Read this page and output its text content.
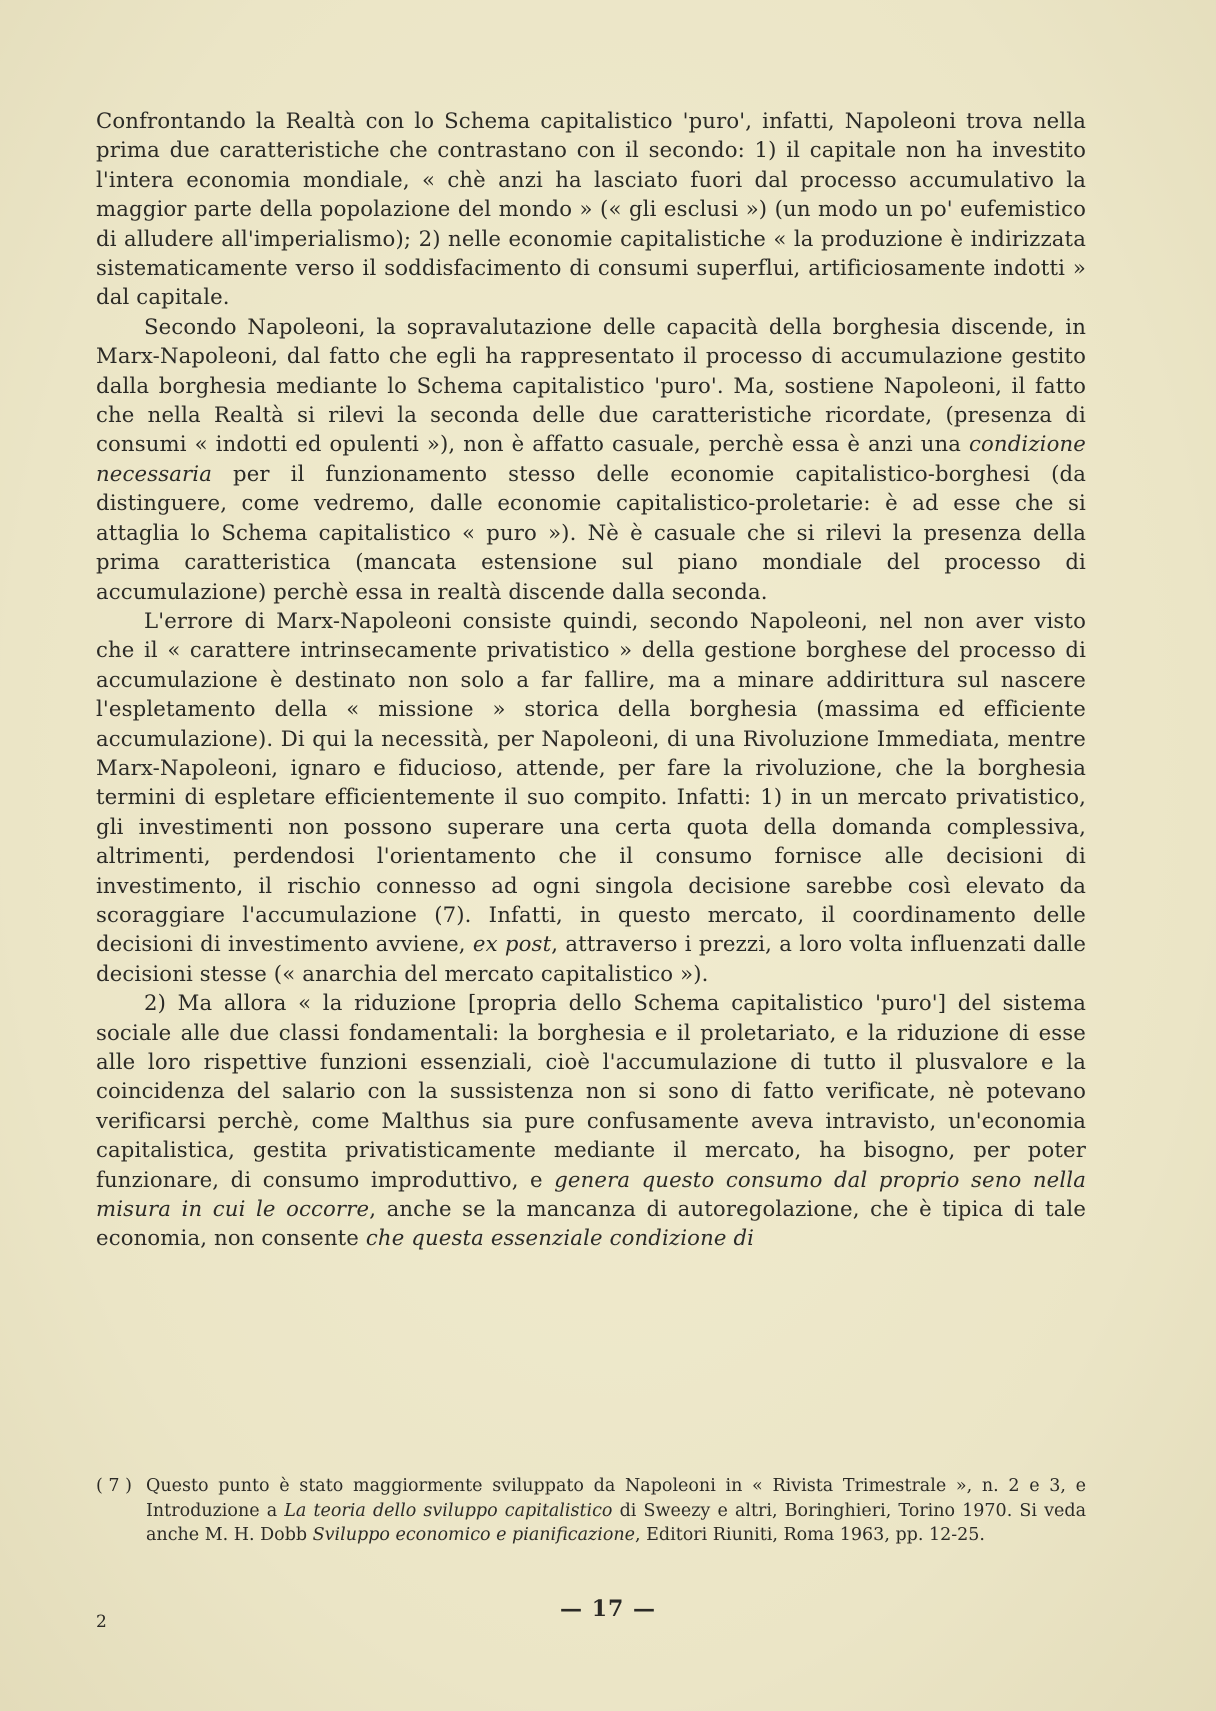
Confrontando la Realtà con lo Schema capitalistico 'puro', infatti, Napoleoni trova nella prima due caratteristiche che contrastano con il secondo: 1) il capitale non ha investito l'intera economia mondiale, « chè anzi ha lasciato fuori dal processo accumulativo la maggior parte della popolazione del mondo » (« gli esclusi ») (un modo un po' eufemistico di alludere all'imperialismo); 2) nelle economie capitalistiche « la produzione è indirizzata sistematicamente verso il soddisfacimento di consumi superflui, artificiosamente indotti » dal capitale.

Secondo Napoleoni, la sopravalutazione delle capacità della borghesia discende, in Marx-Napoleoni, dal fatto che egli ha rappresentato il processo di accumulazione gestito dalla borghesia mediante lo Schema capitalistico 'puro'. Ma, sostiene Napoleoni, il fatto che nella Realtà si rilevi la seconda delle due caratteristiche ricordate, (presenza di consumi « indotti ed opulenti »), non è affatto casuale, perchè essa è anzi una condizione necessaria per il funzionamento stesso delle economie capitalistico-borghesi (da distinguere, come vedremo, dalle economie capitalistico-proletarie: è ad esse che si attaglia lo Schema capitalistico « puro »). Nè è casuale che si rilevi la presenza della prima caratteristica (mancata estensione sul piano mondiale del processo di accumulazione) perchè essa in realtà discende dalla seconda.

L'errore di Marx-Napoleoni consiste quindi, secondo Napoleoni, nel non aver visto che il « carattere intrinsecamente privatistico » della gestione borghese del processo di accumulazione è destinato non solo a far fallire, ma a minare addirittura sul nascere l'espletamento della « missione » storica della borghesia (massima ed efficiente accumulazione). Di qui la necessità, per Napoleoni, di una Rivoluzione Immediata, mentre Marx-Napoleoni, ignaro e fiducioso, attende, per fare la rivoluzione, che la borghesia termini di espletare efficientemente il suo compito. Infatti: 1) in un mercato privatistico, gli investimenti non possono superare una certa quota della domanda complessiva, altrimenti, perdendosi l'orientamento che il consumo fornisce alle decisioni di investimento, il rischio connesso ad ogni singola decisione sarebbe così elevato da scoraggiare l'accumulazione (7). Infatti, in questo mercato, il coordinamento delle decisioni di investimento avviene, ex post, attraverso i prezzi, a loro volta influenzati dalle decisioni stesse (« anarchia del mercato capitalistico »).

2) Ma allora « la riduzione [propria dello Schema capitalistico 'puro'] del sistema sociale alle due classi fondamentali: la borghesia e il proletariato, e la riduzione di esse alle loro rispettive funzioni essenziali, cioè l'accumulazione di tutto il plusvalore e la coincidenza del salario con la sussistenza non si sono di fatto verificate, nè potevano verificarsi perchè, come Malthus sia pure confusamente aveva intravisto, un'economia capitalistica, gestita privatisticamente mediante il mercato, ha bisogno, per poter funzionare, di consumo improduttivo, e genera questo consumo dal proprio seno nella misura in cui le occorre, anche se la mancanza di autoregolazione, che è tipica di tale economia, non consente che questa essenziale condizione di

( 7 ) Questo punto è stato maggiormente sviluppato da Napoleoni in « Rivista Trimestrale », n. 2 e 3, e Introduzione a La teoria dello sviluppo capitalistico di Sweezy e altri, Boringhieri, Torino 1970. Si veda anche M. H. Dobb Sviluppo economico e pianificazione, Editori Riuniti, Roma 1963, pp. 12-25.

— 17 —
2
